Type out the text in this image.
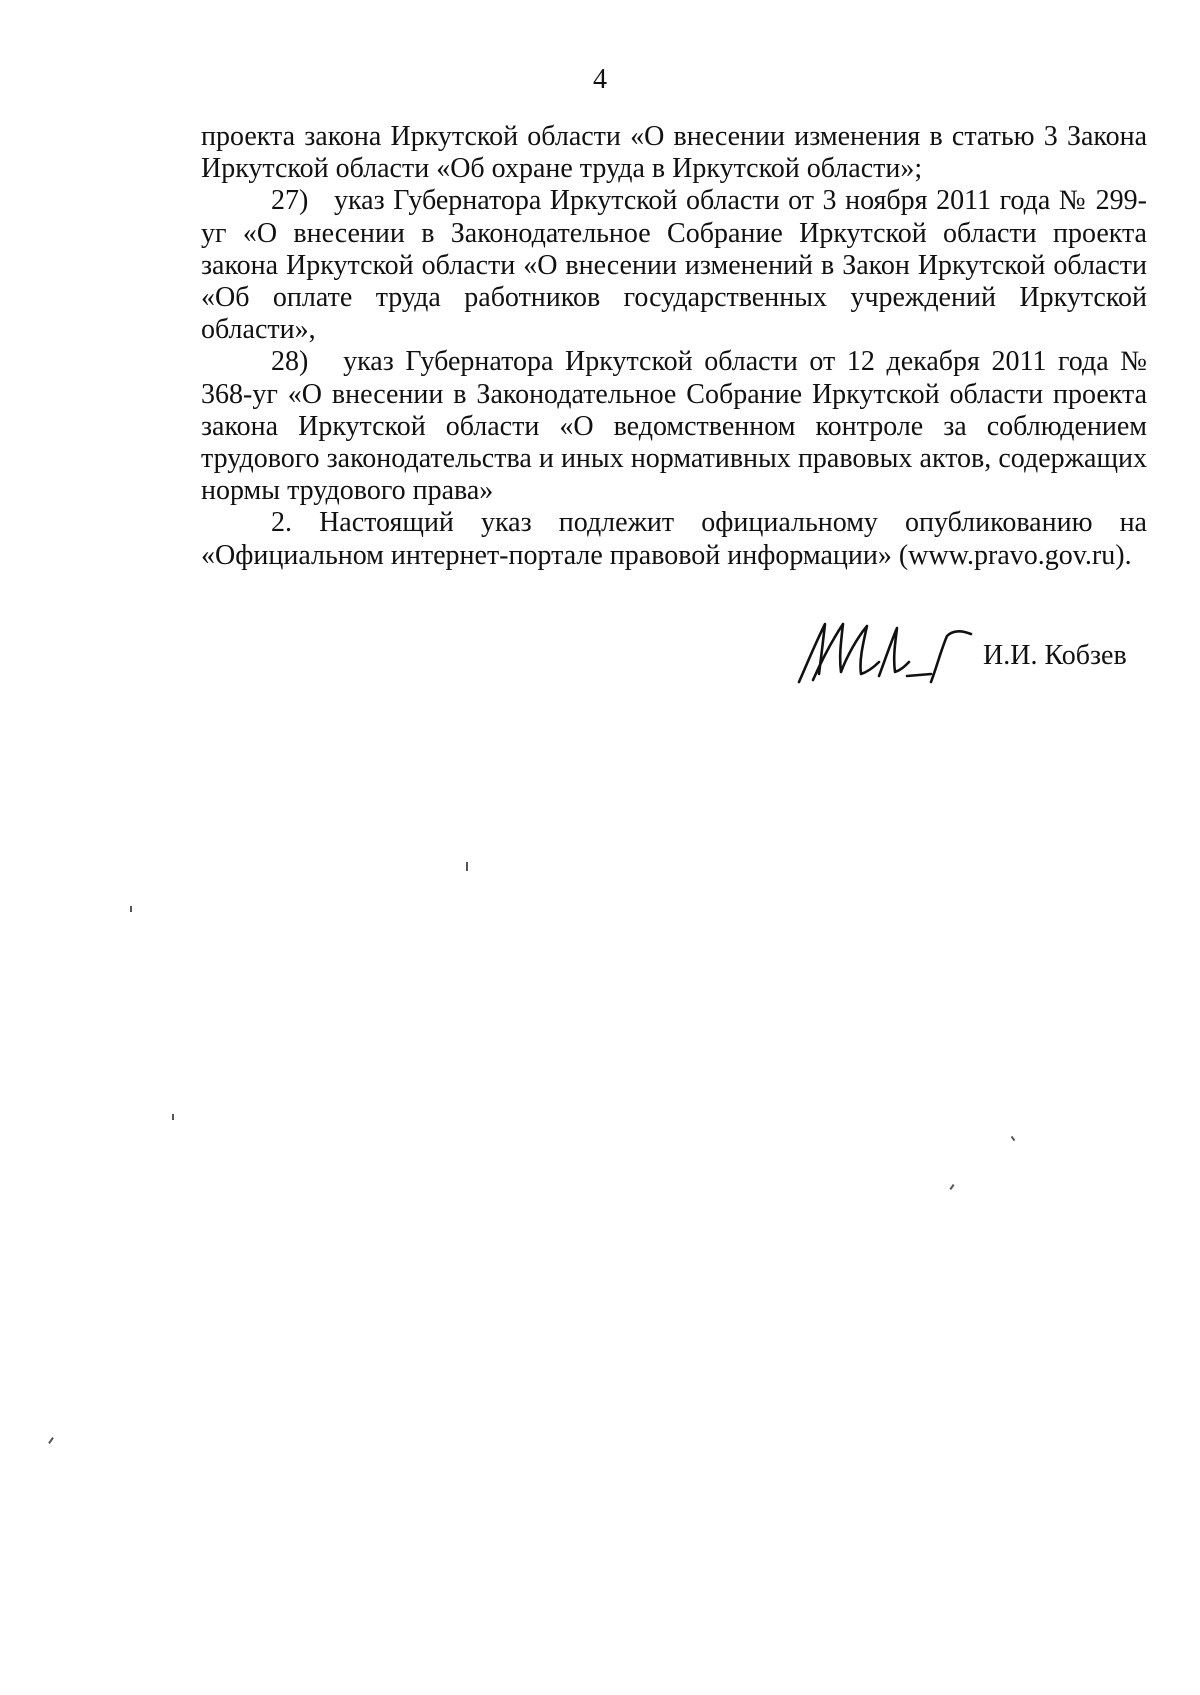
4

проекта закона Иркутской области «О внесении изменения в статью 3 Закона Иркутской области «Об охране труда в Иркутской области»;

27)   указ Губернатора Иркутской области от 3 ноября 2011 года № 299-уг «О внесении в Законодательное Собрание Иркутской области проекта закона Иркутской области «О внесении изменений в Закон Иркутской области «Об оплате труда работников государственных учреждений Иркутской области»,

28)   указ Губернатора Иркутской области от 12 декабря 2011 года № 368-уг «О внесении в Законодательное Собрание Иркутской области проекта закона Иркутской области «О ведомственном контроле за соблюдением трудового законодательства и иных нормативных правовых актов, содержащих нормы трудового права»

2. Настоящий указ подлежит официальному опубликованию на «Официальном интернет-портале правовой информации» (www.pravo.gov.ru).

И.И. Кобзев
